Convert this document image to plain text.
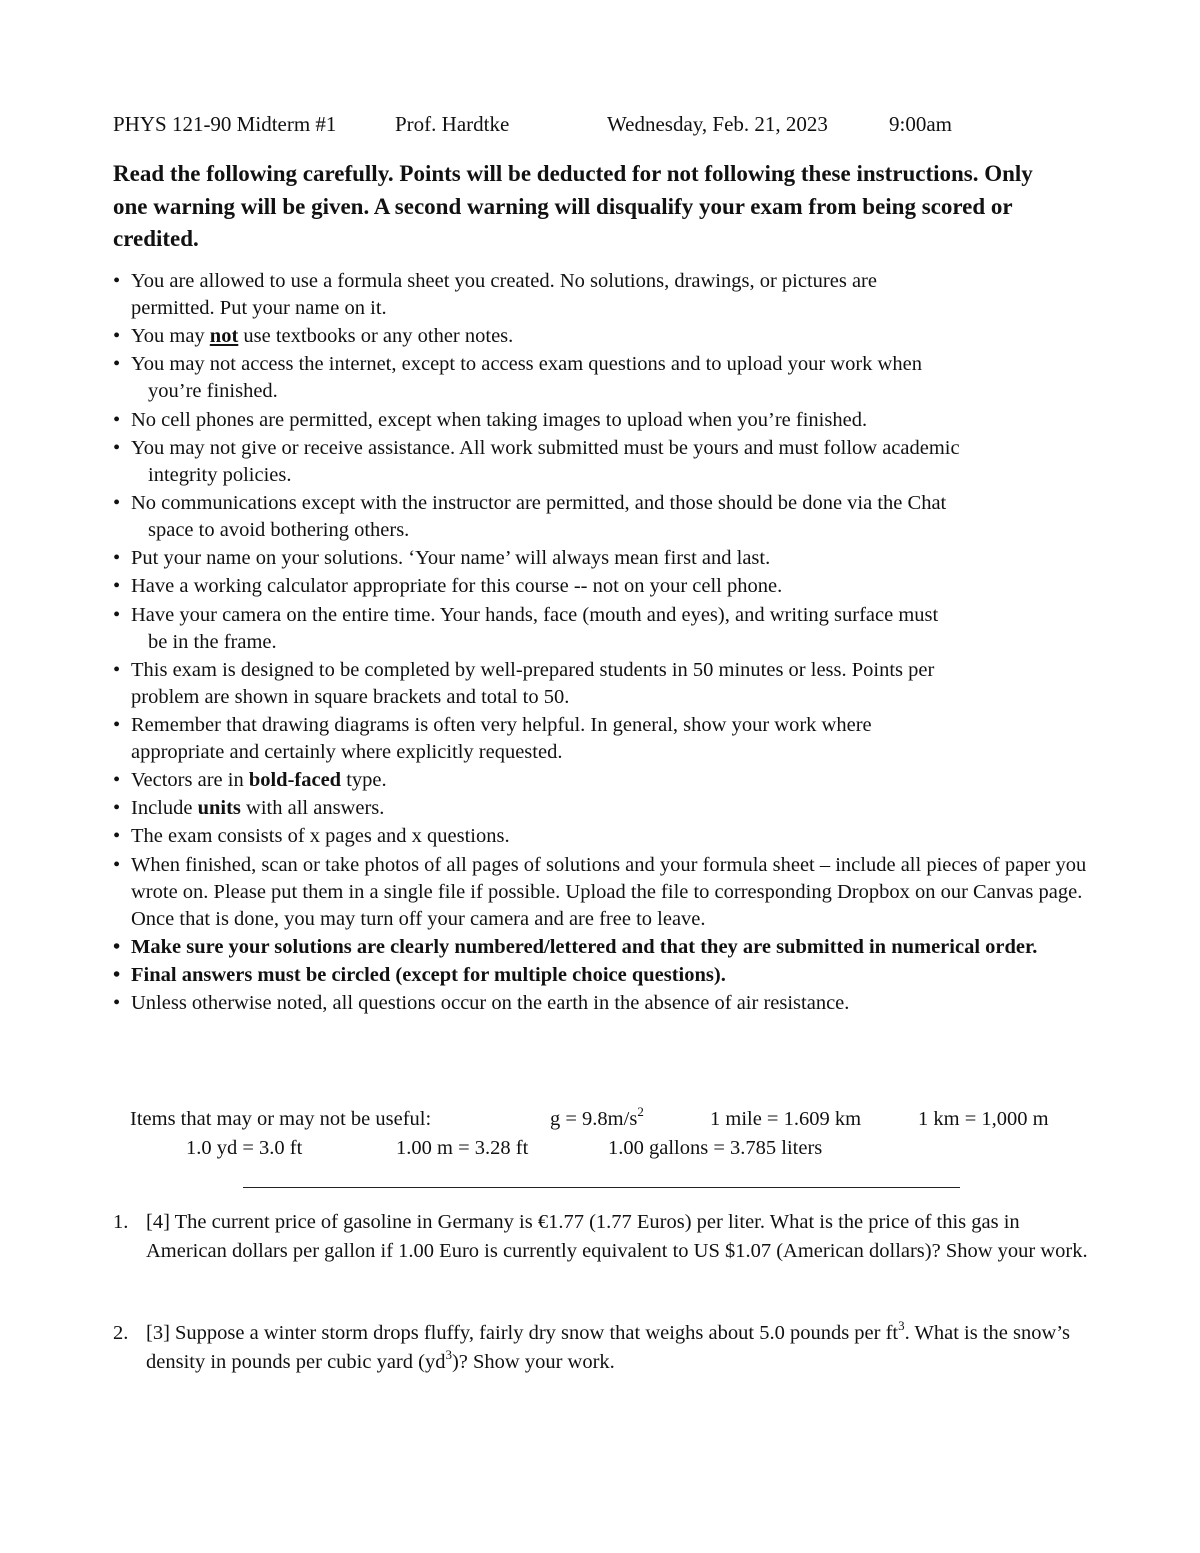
PHYS 121-90 Midterm #1	Prof. Hardtke	Wednesday, Feb. 21, 2023	9:00am
Read the following carefully. Points will be deducted for not following these instructions. Only one warning will be given. A second warning will disqualify your exam from being scored or credited.
• You are allowed to use a formula sheet you created. No solutions, drawings, or pictures are
permitted. Put your name on it.
• You may not use textbooks or any other notes.
• You may not access the internet, except to access exam questions and to upload your work when
you’re finished.
• No cell phones are permitted, except when taking images to upload when you’re finished.
• You may not give or receive assistance. All work submitted must be yours and must follow academic
integrity policies.
• No communications except with the instructor are permitted, and those should be done via the Chat
space to avoid bothering others.
• Put your name on your solutions. ‘Your name’ will always mean first and last.
• Have a working calculator appropriate for this course -- not on your cell phone.
• Have your camera on the entire time. Your hands, face (mouth and eyes), and writing surface must
be in the frame.
• This exam is designed to be completed by well-prepared students in 50 minutes or less. Points per
problem are shown in square brackets and total to 50.
• Remember that drawing diagrams is often very helpful. In general, show your work where
appropriate and certainly where explicitly requested.
• Vectors are in bold-faced type.
• Include units with all answers.
• The exam consists of x pages and x questions.
• When finished, scan or take photos of all pages of solutions and your formula sheet – include all pieces of paper you wrote on. Please put them in a single file if possible. Upload the file to corresponding Dropbox on our Canvas page. Once that is done, you may turn off your camera and are free to leave.
• Make sure your solutions are clearly numbered/lettered and that they are submitted in numerical order.
• Final answers must be circled (except for multiple choice questions).
• Unless otherwise noted, all questions occur on the earth in the absence of air resistance.
Items that may or may not be useful:	$g = 9.8m/s^2$	1 mile = 1.609 km	1 km = 1,000 m
1.0 yd = 3.0 ft	1.00 m = 3.28 ft	1.00 gallons = 3.785 liters
1. [4] The current price of gasoline in Germany is €1.77 (1.77 Euros) per liter. What is the price of this gas in American dollars per gallon if 1.00 Euro is currently equivalent to US $1.07 (American dollars)? Show your work.
2. [3] Suppose a winter storm drops fluffy, fairly dry snow that weighs about 5.0 pounds per $ft^3$. What is the snow’s density in pounds per cubic yard $(yd^3)$? Show your work.
